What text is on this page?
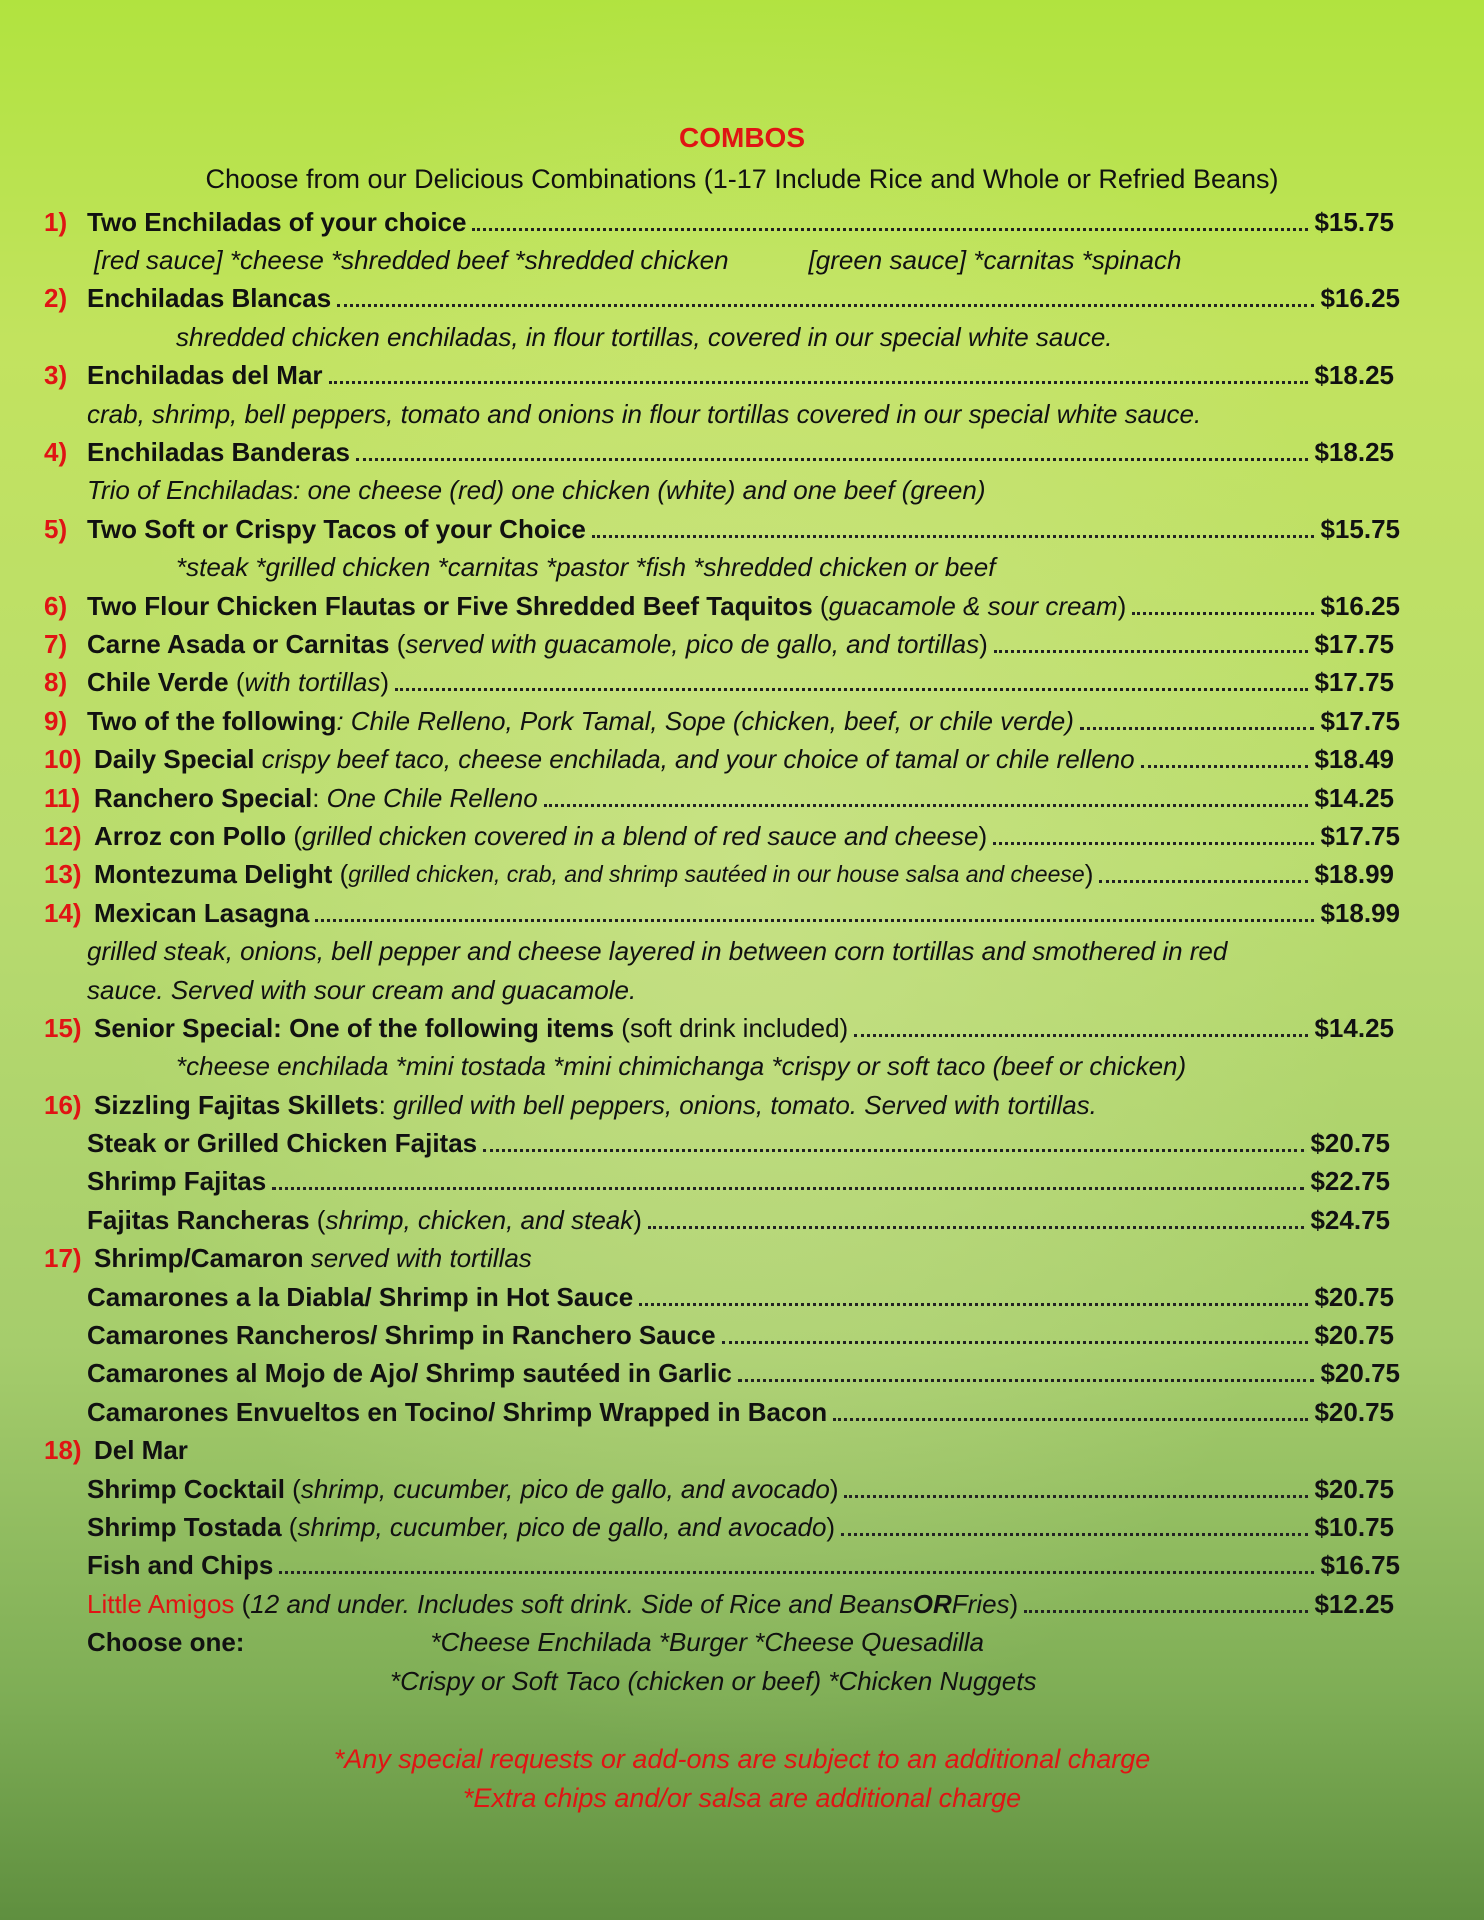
COMBOS
Choose from our Delicious Combinations (1-17 Include Rice and Whole or Refried Beans)
1) Two Enchiladas of your choice	$15.75
[red sauce] *cheese *shredded beef *shredded chicken	[green sauce] *carnitas *spinach
2) Enchiladas Blancas	$16.25
shredded chicken enchiladas, in flour tortillas, covered in our special white sauce.
3) Enchiladas del Mar	$18.25
crab, shrimp, bell peppers, tomato and onions in flour tortillas covered in our special white sauce.
4) Enchiladas Banderas	$18.25
Trio of Enchiladas: one cheese (red) one chicken (white) and one beef (green)
5) Two Soft or Crispy Tacos of your Choice	$15.75
*steak *grilled chicken *carnitas *pastor *fish *shredded chicken or beef
6) Two Flour Chicken Flautas or Five Shredded Beef Taquitos ( guacamole & sour cream )	$16.25
7) Carne Asada or Carnitas ( served with guacamole, pico de gallo, and tortillas )	$17.75
8) Chile Verde ( with tortillas )	$17.75
9) Two of the following : Chile Relleno, Pork Tamal, Sope (chicken, beef, or chile verde)	$17.75
10) Daily Special
crispy beef taco, cheese enchilada, and your choice of tamal or chile relleno	$18.49
11) Ranchero Special : One Chile Relleno	$14.25
12) Arroz con Pollo ( grilled chicken covered in a blend of red sauce and cheese )	$17.75
13) Montezuma Delight ( grilled chicken, crab, and shrimp sautéed in our house salsa and cheese )	$18.99
14) Mexican Lasagna	$18.99
grilled steak, onions, bell pepper and cheese layered in between corn tortillas and smothered in red
sauce. Served with sour cream and guacamole.
15) Senior Special: One of the following items ( soft drink included )	$14.25
*cheese enchilada *mini tostada *mini chimichanga *crispy or soft taco (beef or chicken)
16) Sizzling Fajitas Skillets : grilled with bell peppers, onions, tomato. Served with tortillas.
Steak or Grilled Chicken Fajitas	$20.75
Shrimp Fajitas	$22.75
Fajitas Rancheras ( shrimp, chicken, and steak )	$24.75
17) Shrimp/Camaron
served with tortillas
Camarones a la Diabla/ Shrimp in Hot Sauce	$20.75
Camarones Rancheros/ Shrimp in Ranchero Sauce	$20.75
Camarones al Mojo de Ajo/ Shrimp sautéed in Garlic	$20.75
Camarones Envueltos en Tocino/ Shrimp Wrapped in Bacon	$20.75
18) Del Mar
Shrimp Cocktail ( shrimp, cucumber, pico de gallo, and avocado )	$20.75
Shrimp Tostada ( shrimp, cucumber, pico de gallo, and avocado )	$10.75
Fish and Chips	$16.75
Little Amigos ( 12 and under. Includes soft drink. Side of Rice and Beans OR Fries )	$12.25
Choose one:	*Cheese Enchilada *Burger *Cheese Quesadilla
*Crispy or Soft Taco (chicken or beef) *Chicken Nuggets
*Any special requests or add-ons are subject to an additional charge
*Extra chips and/or salsa are additional charge
